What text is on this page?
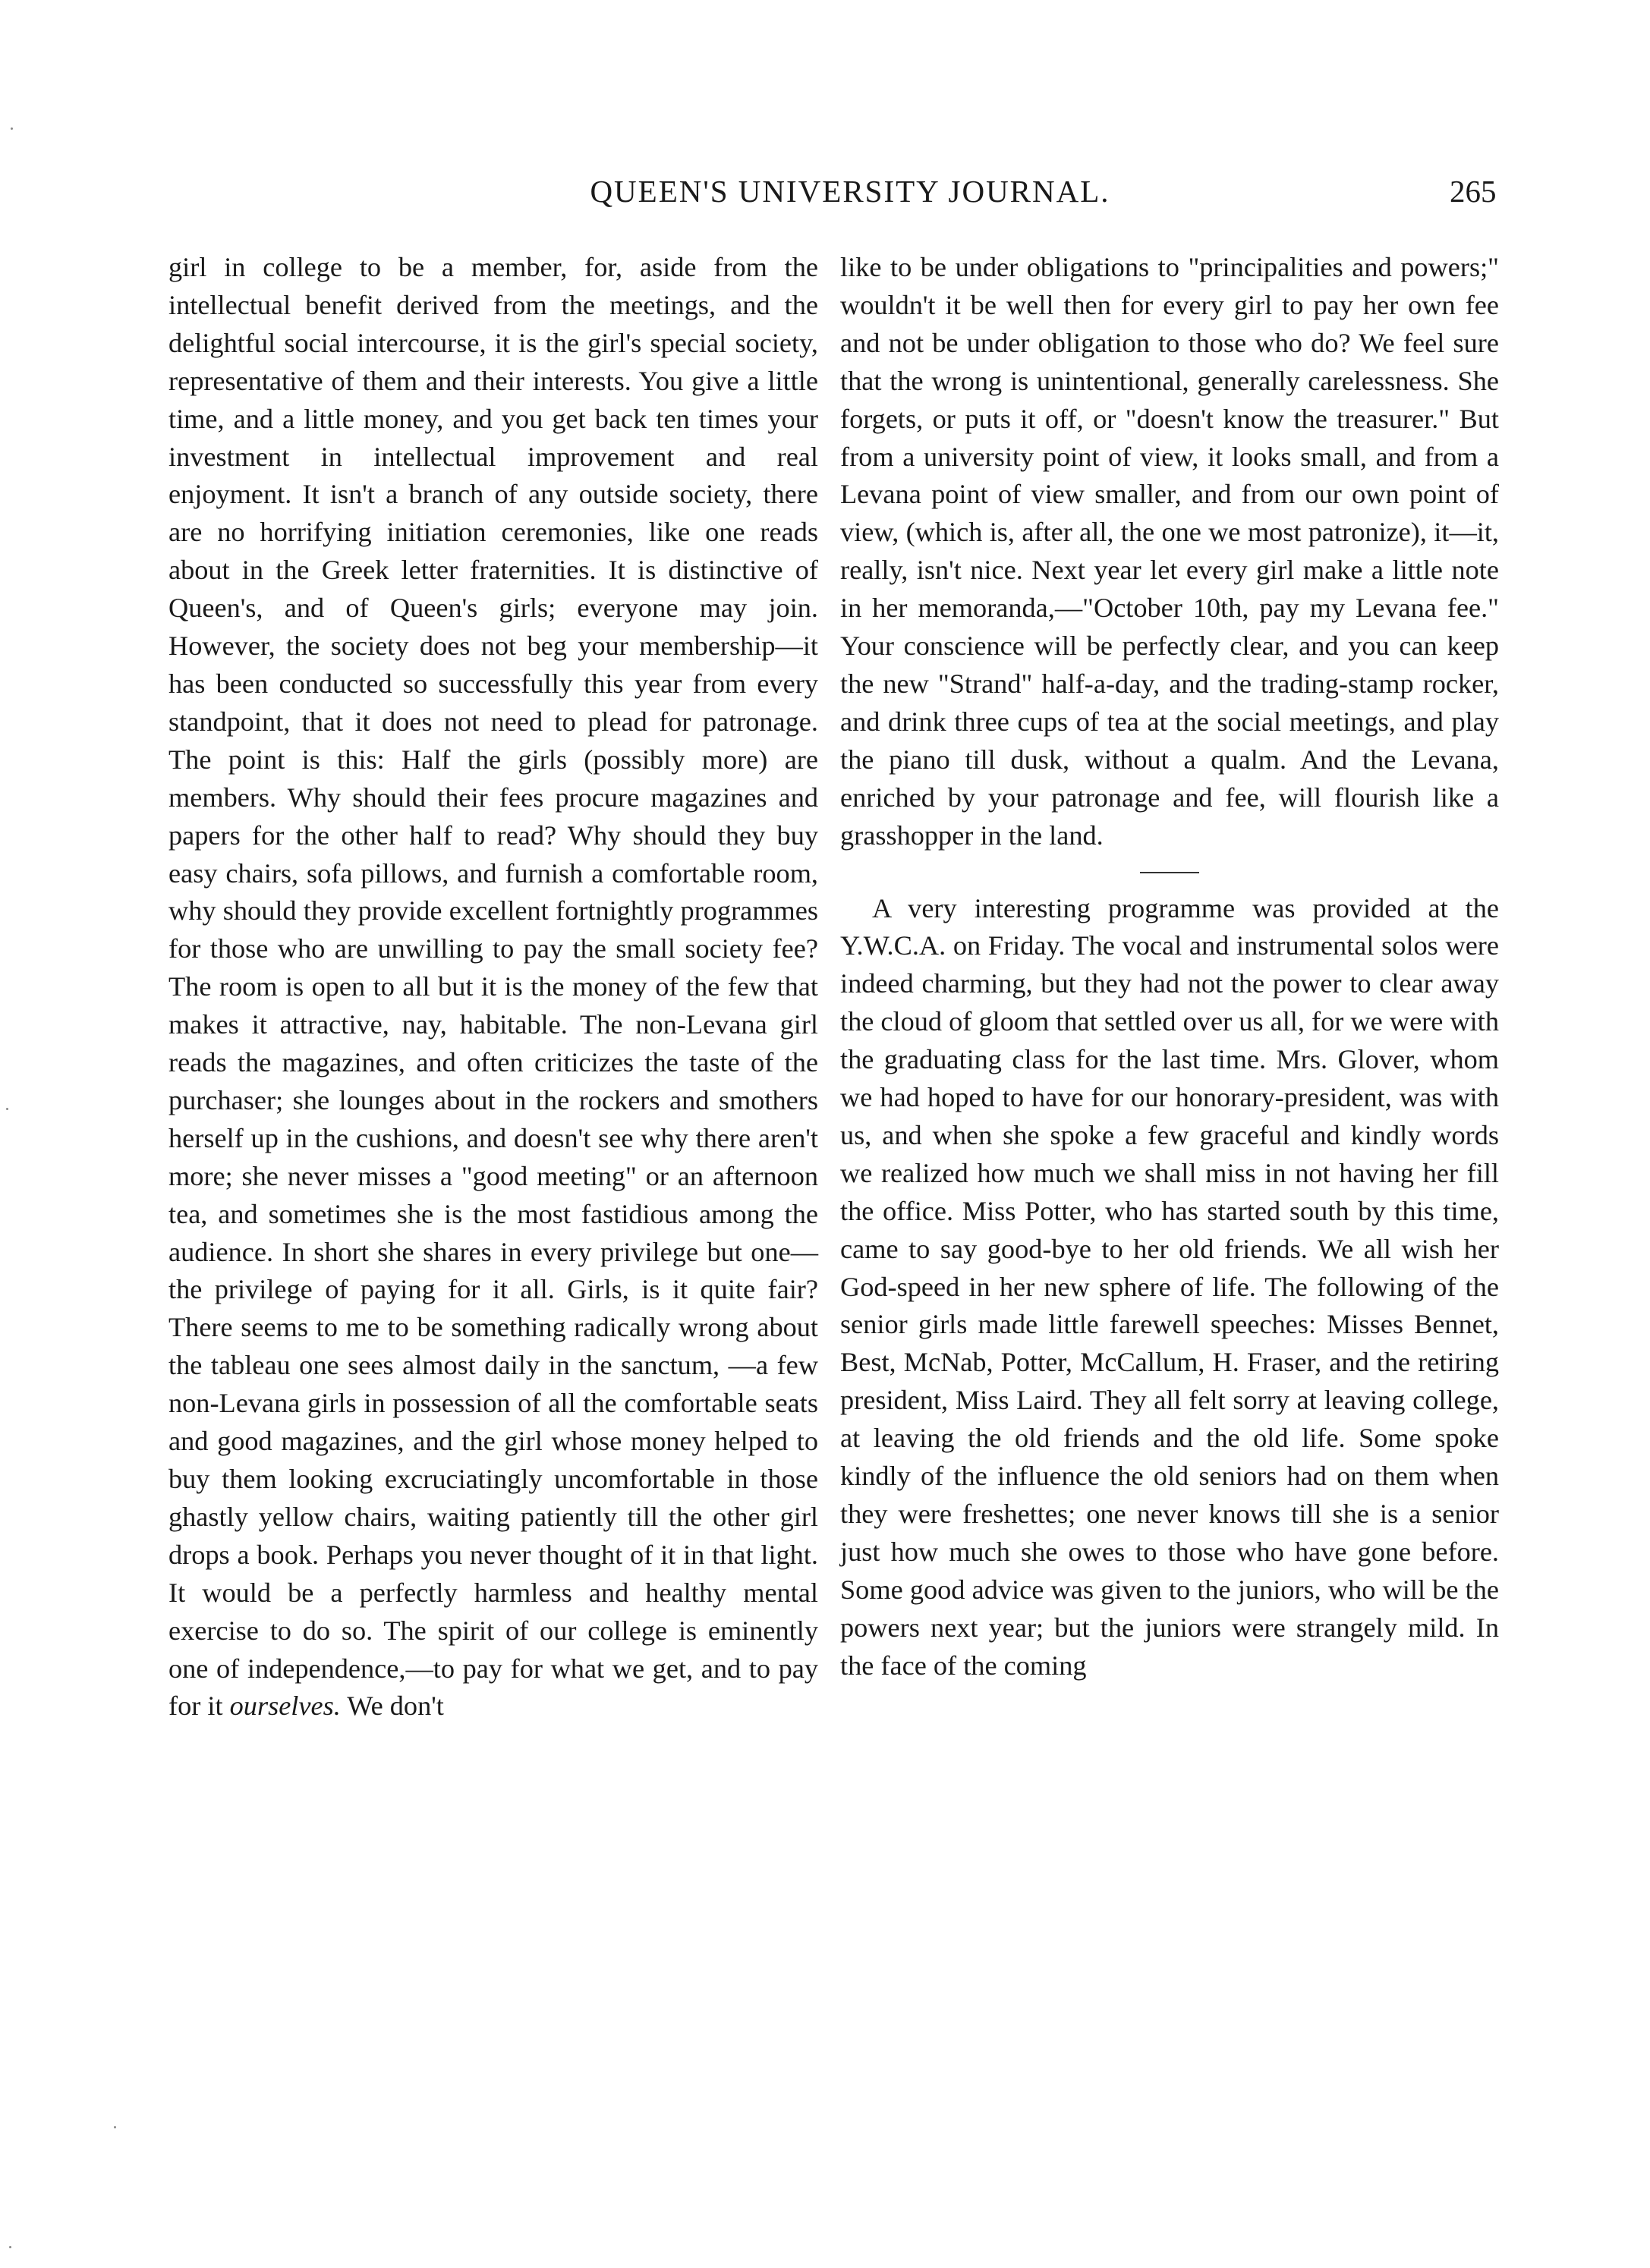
QUEEN'S UNIVERSITY JOURNAL.	265

girl in college to be a member, for, aside from the intellectual benefit derived from the meetings, and the delightful social intercourse, it is the girl's special society, representative of them and their interests. You give a little time, and a little money, and you get back ten times your investment in intellectual improvement and real enjoyment. It isn't a branch of any outside society, there are no horrifying initiation ceremonies, like one reads about in the Greek letter fraternities. It is distinctive of Queen's, and of Queen's girls; everyone may join. However, the society does not beg your membership—it has been conducted so successfully this year from every standpoint, that it does not need to plead for patronage. The point is this: Half the girls (possibly more) are members. Why should their fees procure magazines and papers for the other half to read? Why should they buy easy chairs, sofa pillows, and furnish a comfortable room, why should they provide excellent fortnightly programmes for those who are unwilling to pay the small society fee? The room is open to all but it is the money of the few that makes it attractive, nay, habitable. The non-Levana girl reads the magazines, and often criticizes the taste of the purchaser; she lounges about in the rockers and smothers herself up in the cushions, and doesn't see why there aren't more; she never misses a "good meeting" or an afternoon tea, and sometimes she is the most fastidious among the audience. In short she shares in every privilege but one—the privilege of paying for it all. Girls, is it quite fair? There seems to me to be something radically wrong about the tableau one sees almost daily in the sanctum, —a few non-Levana girls in possession of all the comfortable seats and good magazines, and the girl whose money helped to buy them looking excruciatingly uncomfortable in those ghastly yellow chairs, waiting patiently till the other girl drops a book. Perhaps you never thought of it in that light. It would be a perfectly harmless and healthy mental exercise to do so. The spirit of our college is eminently one of independence,—to pay for what we get, and to pay for it ourselves. We don't

like to be under obligations to "principalities and powers;" wouldn't it be well then for every girl to pay her own fee and not be under obligation to those who do? We feel sure that the wrong is unintentional, generally carelessness. She forgets, or puts it off, or "doesn't know the treasurer." But from a university point of view, it looks small, and from a Levana point of view smaller, and from our own point of view, (which is, after all, the one we most patronize), it—it, really, isn't nice. Next year let every girl make a little note in her memoranda,—"October 10th, pay my Levana fee." Your conscience will be perfectly clear, and you can keep the new "Strand" half-a-day, and the trading-stamp rocker, and drink three cups of tea at the social meetings, and play the piano till dusk, without a qualm. And the Levana, enriched by your patronage and fee, will flourish like a grasshopper in the land.

A very interesting programme was provided at the Y.W.C.A. on Friday. The vocal and instrumental solos were indeed charming, but they had not the power to clear away the cloud of gloom that settled over us all, for we were with the graduating class for the last time. Mrs. Glover, whom we had hoped to have for our honorary-president, was with us, and when she spoke a few graceful and kindly words we realized how much we shall miss in not having her fill the office. Miss Potter, who has started south by this time, came to say good-bye to her old friends. We all wish her God-speed in her new sphere of life. The following of the senior girls made little farewell speeches: Misses Bennet, Best, McNab, Potter, McCallum, H. Fraser, and the retiring president, Miss Laird. They all felt sorry at leaving college, at leaving the old friends and the old life. Some spoke kindly of the influence the old seniors had on them when they were freshettes; one never knows till she is a senior just how much she owes to those who have gone before. Some good advice was given to the juniors, who will be the powers next year; but the juniors were strangely mild. In the face of the coming
